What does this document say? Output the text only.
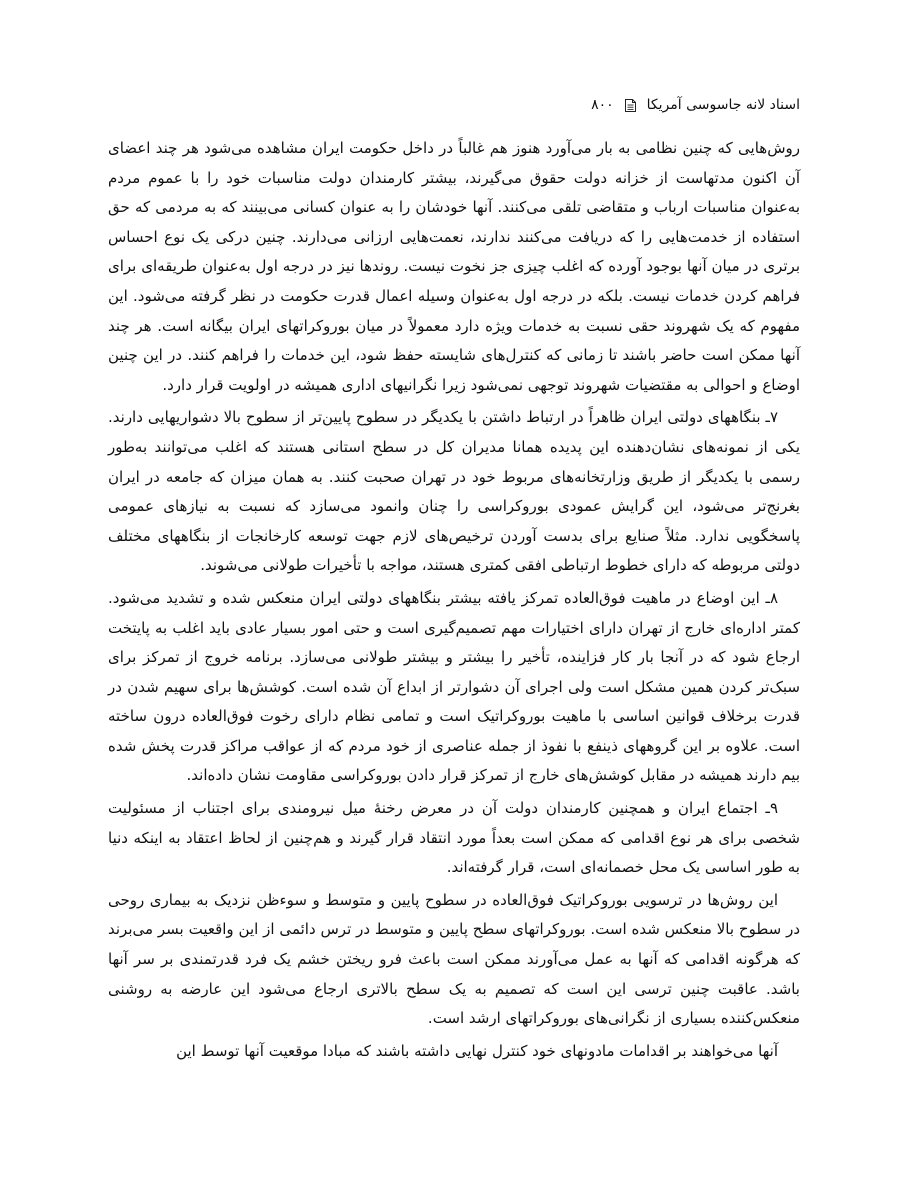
اسناد لانه جاسوسی آمریکا
۸۰۰

روش‌هایی که چنین نظامی به بار می‌آورد هنوز هم غالباً در داخل حکومت ایران مشاهده می‌شود هر چند اعضای آن اکنون مدتهاست از خزانه دولت حقوق می‌گیرند، بیشتر کارمندان دولت مناسبات خود را با عموم مردم به‌عنوان مناسبات ارباب و متقاضی تلقی می‌کنند. آنها خودشان را به عنوان کسانی می‌بینند که به مردمی که حق استفاده از خدمت‌هایی را که دریافت می‌کنند ندارند، نعمت‌هایی ارزانی می‌دارند. چنین درکی یک نوع احساس برتری در میان آنها بوجود آورده که اغلب چیزی جز نخوت نیست. روندها نیز در درجه اول به‌عنوان طریقه‌ای برای فراهم کردن خدمات نیست. بلکه در درجه اول به‌عنوان وسیله اعمال قدرت حکومت در نظر گرفته می‌شود. این مفهوم که یک شهروند حقی نسبت به خدمات ویژه دارد معمولاً در میان بوروکراتهای ایران بیگانه است. هر چند آنها ممکن است حاضر باشند تا زمانی که کنترل‌های شایسته حفظ شود، این خدمات را فراهم کنند. در این چنین اوضاع و احوالی به مقتضیات شهروند توجهی نمی‌شود زیرا نگرانیهای اداری همیشه در اولویت قرار دارد.

۷ـ بنگاههای دولتی ایران ظاهراً در ارتباط داشتن با یکدیگر در سطوح پایین‌تر از سطوح بالا دشواریهایی دارند. یکی از نمونه‌های نشان‌دهنده این پدیده همانا مدیران کل در سطح استانی هستند که اغلب می‌توانند به‌طور رسمی با یکدیگر از طریق وزارتخانه‌های مربوط خود در تهران صحبت کنند. به همان میزان که جامعه در ایران بغرنج‌تر می‌شود، این گرایش عمودی بوروکراسی را چنان وانمود می‌سازد که نسبت به نیازهای عمومی پاسخگویی ندارد. مثلاً صنایع برای بدست آوردن ترخیص‌های لازم جهت توسعه کارخانجات از بنگاههای مختلف دولتی مربوطه که دارای خطوط ارتباطی افقی کمتری هستند، مواجه با تأخیرات طولانی می‌شوند.

۸ـ این اوضاع در ماهیت فوق‌العاده تمرکز یافته بیشتر بنگاههای دولتی ایران منعکس شده و تشدید می‌شود. کمتر اداره‌ای خارج از تهران دارای اختیارات مهم تصمیم‌گیری است و حتی امور بسیار عادی باید اغلب به پایتخت ارجاع شود که در آنجا بار کار فزاینده، تأخیر را بیشتر و بیشتر طولانی می‌سازد. برنامه خروج از تمرکز برای سبک‌تر کردن همین مشکل است ولی اجرای آن دشوارتر از ابداع آن شده است. کوشش‌ها برای سهیم شدن در قدرت برخلاف قوانین اساسی با ماهیت بوروکراتیک است و تمامی نظام دارای رخوت فوق‌العاده درون ساخته است. علاوه بر این گروههای ذینفع با نفوذ از جمله عناصری از خود مردم که از عواقب مراکز قدرت پخش شده بیم دارند همیشه در مقابل کوشش‌های خارج از تمرکز قرار دادن بوروکراسی مقاومت نشان داده‌اند.

۹ـ اجتماع ایران و همچنین کارمندان دولت آن در معرض رخنهٔ میل نیرومندی برای اجتناب از مسئولیت شخصی برای هر نوع اقدامی که ممکن است بعداً مورد انتقاد قرار گیرند و هم‌چنین از لحاظ اعتقاد به اینکه دنیا به طور اساسی یک محل خصمانه‌ای است، قرار گرفته‌اند.

این روش‌ها در ترسویی بوروکراتیک فوق‌العاده در سطوح پایین و متوسط و سوءظن نزدیک به بیماری روحی در سطوح بالا منعکس شده است. بوروکراتهای سطح پایین و متوسط در ترس دائمی از این واقعیت بسر می‌برند که هرگونه اقدامی که آنها به عمل می‌آورند ممکن است باعث فرو ریختن خشم یک فرد قدرتمندی بر سر آنها باشد. عاقبت چنین ترسی این است که تصمیم به یک سطح بالاتری ارجاع می‌شود این عارضه به روشنی منعکس‌کننده بسیاری از نگرانی‌های بوروکراتهای ارشد است.

آنها می‌خواهند بر اقدامات مادونهای خود کنترل نهایی داشته باشند که مبادا موقعیت آنها توسط این
